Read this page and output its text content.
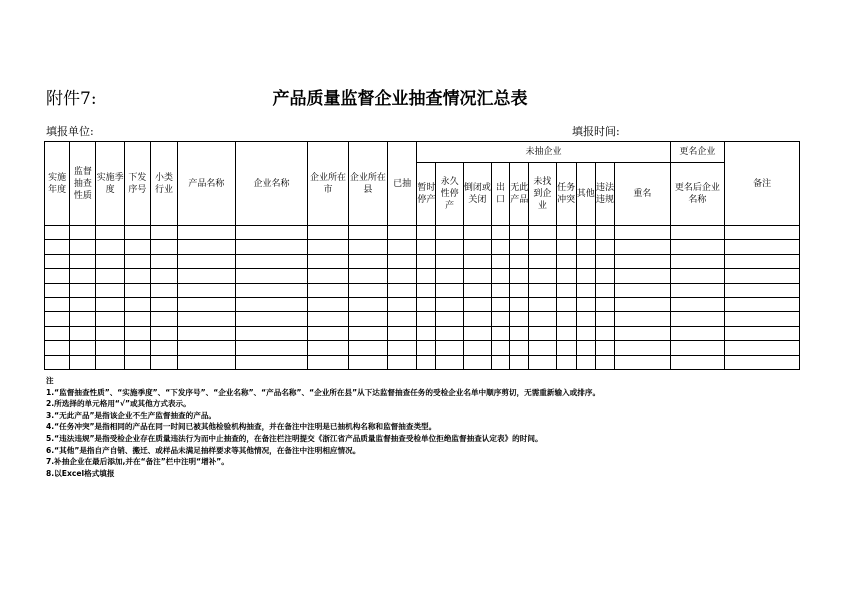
附件7:	产品质量监督企业抽查情况汇总表
填报单位:	填报时间:
实施年度	监督抽查性质	实施季度	下发序号	小类行业	产品名称	企业名称	企业所在市	企业所在县	已抽	未抽企业										更名企业	备注
										暂时停产	永久性停产	倒闭或关闭	出口	无此产品	未找到企业	任务冲突	其他	违法违规	重名	更名后企业名称	

注
1.“监督抽查性质”、“实施季度”、“下发序号”、“企业名称”、“产品名称”、“企业所在县”从下达监督抽查任务的受检企业名单中顺序剪切，无需重新输入或排序。
2.所选择的单元格用“√”或其他方式表示。
3.“无此产品”是指该企业不生产监督抽查的产品。
4.“任务冲突”是指相同的产品在同一时间已被其他检验机构抽查，并在备注中注明是已抽机构名称和监督抽查类型。
5.“违法违规”是指受检企业存在质量违法行为而中止抽查的，在备注栏注明提交《浙江省产品质量监督抽查受检单位拒绝监督抽查认定表》的时间。
6.“其他”是指自产自销、搬迁、或样品未满足抽样要求等其他情况，在备注中注明相应情况。
7.补抽企业在最后添加,并在“备注”栏中注明“增补”。
8.以Excel格式填报
